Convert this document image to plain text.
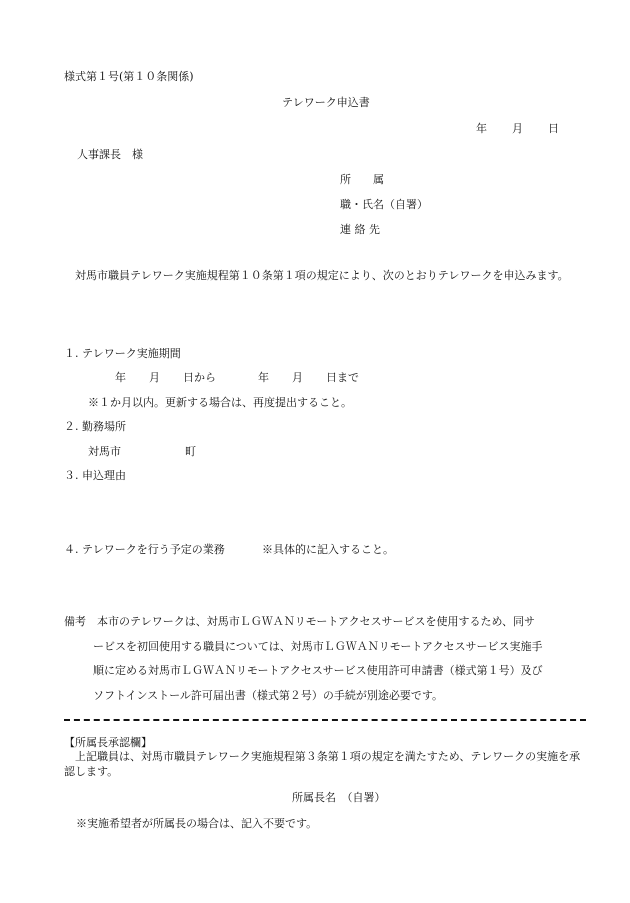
様式第１号(第１０条関係)
テレワーク申込書
年 月 日
人事課長　様
所　　属
職・氏名（自署）
連 絡 先
対馬市職員テレワーク実施規程第１０条第１項の規定により、次のとおりテレワークを申込みます。
１. テレワーク実施期間
年 月 日から	年 月 日まで
※１か月以内。更新する場合は、再度提出すること。
２. 勤務場所
対馬市	町
３. 申込理由
４. テレワークを行う予定の業務	※具体的に記入すること。
備考　本市のテレワークは、対馬市ＬＧＷＡＮリモートアクセスサービスを使用するため、同サ
ービスを初回使用する職員については、対馬市ＬＧＷＡＮリモートアクセスサービス実施手
順に定める対馬市ＬＧＷＡＮリモートアクセスサービス使用許可申請書（様式第１号）及び
ソフトインストール許可届出書（様式第２号）の手続が別途必要です。
【所属長承認欄】
上記職員は、対馬市職員テレワーク実施規程第３条第１項の規定を満たすため、テレワークの実施を承認します。
所属長名　（自署）
※実施希望者が所属長の場合は、記入不要です。
